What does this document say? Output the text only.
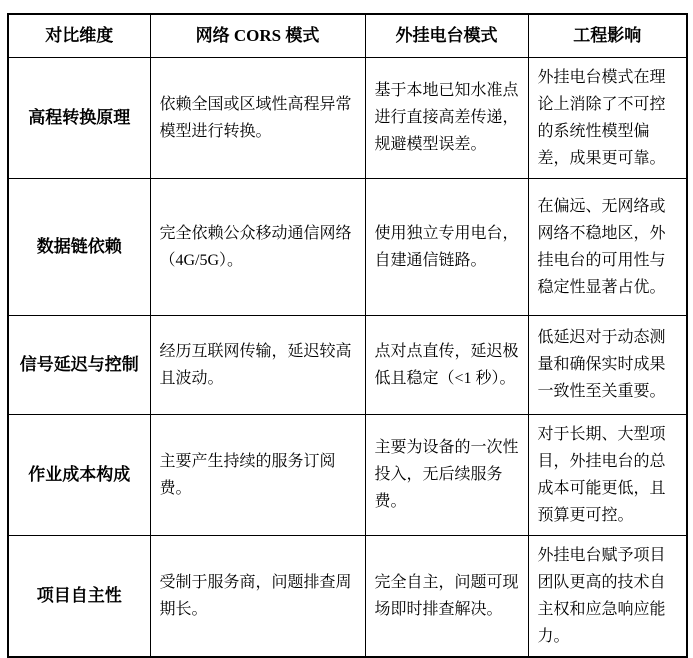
对比维度	网络 CORS 模式	外挂电台模式	工程影响
高程转换原理	依赖全国或区域性高程异常模型进行转换。	基于本地已知水准点进行直接高差传递，规避模型误差。	外挂电台模式在理论上消除了不可控的系统性模型偏差，成果更可靠。
数据链依赖	完全依赖公众移动通信网络（4G/5G）。	使用独立专用电台，自建通信链路。	在偏远、无网络或网络不稳地区，外挂电台的可用性与稳定性显著占优。
信号延迟与控制	经历互联网传输，延迟较高且波动。	点对点直传，延迟极低且稳定（<1 秒）。	低延迟对于动态测量和确保实时成果一致性至关重要。
作业成本构成	主要产生持续的服务订阅费。	主要为设备的一次性投入，无后续服务费。	对于长期、大型项目，外挂电台的总成本可能更低，且预算更可控。
项目自主性	受制于服务商，问题排查周期长。	完全自主，问题可现场即时排查解决。	外挂电台赋予项目团队更高的技术自主权和应急响应能力。
